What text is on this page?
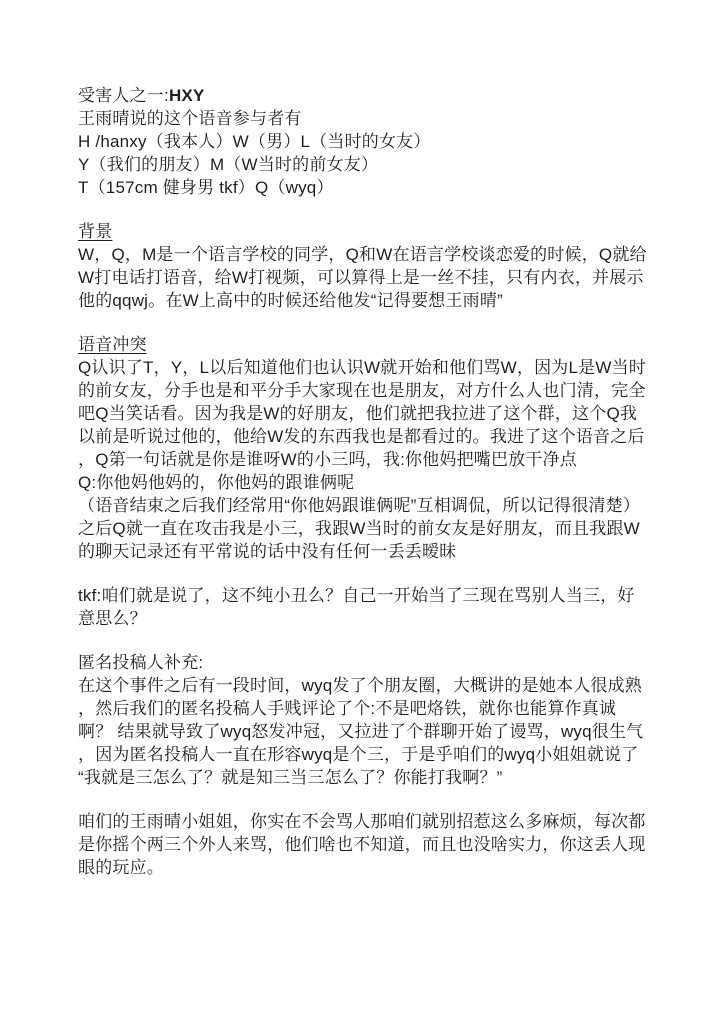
受害人之一:HXY
王雨晴说的这个语音参与者有
H /hanxy（我本人）W（男）L（当时的女友）
Y（我们的朋友）M（W当时的前女友）
T（157cm 健身男 tkf）Q（wyq）
背景
W，Q，M是一个语言学校的同学，Q和W在语言学校谈恋爱的时候，Q就给
W打电话打语音，给W打视频，可以算得上是一丝不挂，只有内衣，并展示
他的qqwj。在W上高中的时候还给他发“记得要想王雨晴”
语音冲突
Q认识了T，Y，L以后知道他们也认识W就开始和他们骂W，因为L是W当时
的前女友，分手也是和平分手大家现在也是朋友，对方什么人也门清，完全
吧Q当笑话看。因为我是W的好朋友，他们就把我拉进了这个群，这个Q我
以前是听说过他的，他给W发的东西我也是都看过的。我进了这个语音之后
，Q第一句话就是你是谁呀W的小三吗，我:你他妈把嘴巴放干净点
Q:你他妈他妈的，你他妈的跟谁俩呢
（语音结束之后我们经常用“你他妈跟谁俩呢”互相调侃，所以记得很清楚）
之后Q就一直在攻击我是小三，我跟W当时的前女友是好朋友，而且我跟W
的聊天记录还有平常说的话中没有任何一丢丢暧昧
tkf:咱们就是说了，这不纯小丑么？自己一开始当了三现在骂别人当三，好
意思么？
匿名投稿人补充:
在这个事件之后有一段时间，wyq发了个朋友圈，大概讲的是她本人很成熟
，然后我们的匿名投稿人手贱评论了个:不是吧烙铁，就你也能算作真诚
啊？ 结果就导致了wyq怒发冲冠，又拉进了个群聊开始了谩骂，wyq很生气
，因为匿名投稿人一直在形容wyq是个三，于是乎咱们的wyq小姐姐就说了
“我就是三怎么了？就是知三当三怎么了？你能打我啊？”
咱们的王雨晴小姐姐，你实在不会骂人那咱们就别招惹这么多麻烦，每次都
是你摇个两三个外人来骂，他们啥也不知道，而且也没啥实力，你这丢人现
眼的玩应。
